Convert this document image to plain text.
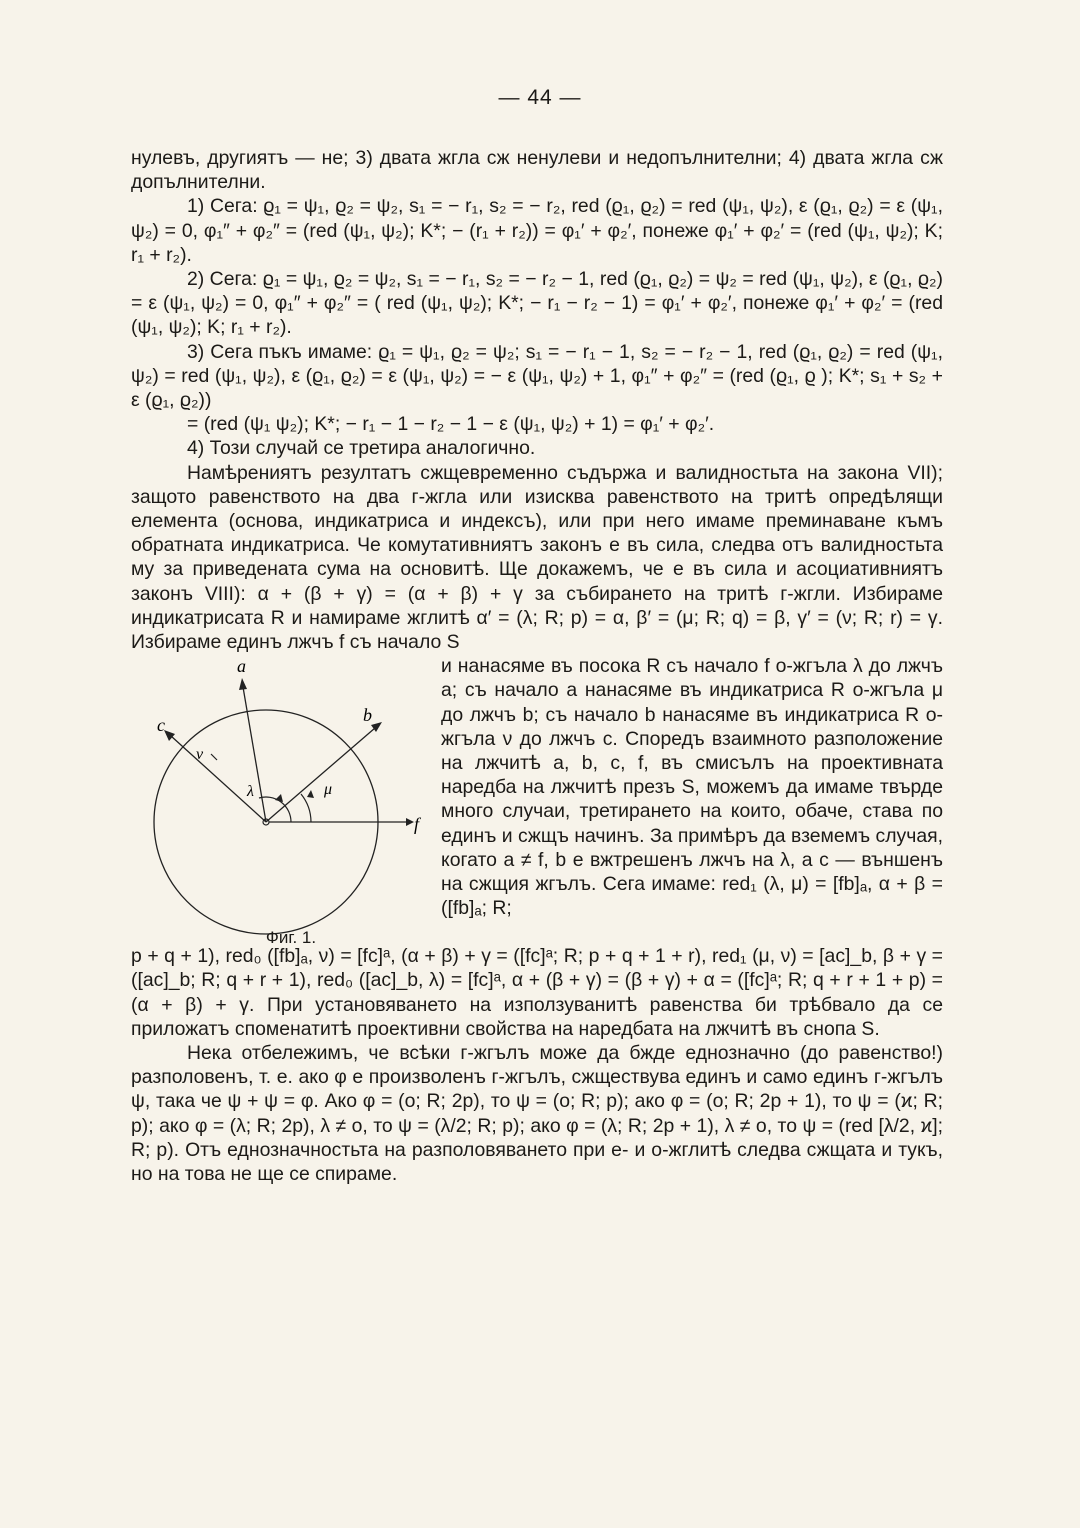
— 44 —

нулевъ, другиятъ — не; 3) двата жгла сж ненулеви и недопълнителни; 4) двата жгла сж допълнителни.

1) Сега: ϱ₁ = ψ₁, ϱ₂ = ψ₂, s₁ = − r₁, s₂ = − r₂, red (ϱ₁, ϱ₂) = red (ψ₁, ψ₂), ε (ϱ₁, ϱ₂) = ε (ψ₁, ψ₂) = 0, φ₁″ + φ₂″ = (red (ψ₁, ψ₂); K*; − (r₁ + r₂)) = φ₁′ + φ₂′, понеже φ₁′ + φ₂′ = (red (ψ₁, ψ₂); K; r₁ + r₂).

2) Сега: ϱ₁ = ψ₁, ϱ₂ = ψ₂, s₁ = − r₁, s₂ = − r₂ − 1, red (ϱ₁, ϱ₂) = ψ₂ = red (ψ₁, ψ₂), ε (ϱ₁, ϱ₂) = ε (ψ₁, ψ₂) = 0, φ₁″ + φ₂″ = ( red (ψ₁, ψ₂); K*; − r₁ − r₂ − 1) = φ₁′ + φ₂′, понеже φ₁′ + φ₂′ = (red (ψ₁, ψ₂); K; r₁ + r₂).

3) Сега пъкъ имаме: ϱ₁ = ψ₁, ϱ₂ = ψ₂; s₁ = − r₁ − 1, s₂ = − r₂ − 1, red (ϱ₁, ϱ₂) = red (ψ₁, ψ₂) = red (ψ₁, ψ₂), ε (ϱ₁, ϱ₂) = ε (ψ₁, ψ₂) = − ε (ψ₁, ψ₂) + 1, φ₁″ + φ₂″ = (red (ϱ₁, ϱ ); K*; s₁ + s₂ + ε (ϱ₁, ϱ₂))

= (red (ψ₁ ψ₂); K*; − r₁ − 1 − r₂ − 1 − ε (ψ₁, ψ₂) + 1) = φ₁′ + φ₂′.

4) Този случай се третира аналогично.

Намѣрениятъ резултатъ сжщевременно съдържа и валидностьта на закона VII); защото равенството на два г-жгла или изисква равенството на тритѣ опредѣлящи елемента (основа, индикатриса и индексъ), или при него имаме преминаване къмъ обратната индикатриса. Че комутативниятъ законъ е въ сила, следва отъ валидностьта му за приведената сума на основитѣ. Ще докажемъ, че е въ сила и асоциативниятъ законъ VIII): α + (β + γ) = (α + β) + γ за събирането на тритѣ г-жгли. Избираме индикатрисата R и намираме жглитѣ α′ = (λ; R; p) = α, β′ = (μ; R; q) = β, γ′ = (ν; R; r) = γ. Избираме единъ лжчъ f съ начало S

a
b
c
f
λ	μ
ν
Фиг. 1.

и нанасяме въ посока R съ начало f о-жгъла λ до лжчъ a; съ начало a нанасяме въ индикатриса R о-жгъла μ до лжчъ b; съ начало b нанасяме въ индикатриса R о-жгъла ν до лжчъ c. Споредъ взаимното разположение на лжчитѣ a, b, c, f, въ смисълъ на проективната наредба на лжчитѣ презъ S, можемъ да имаме твърде много случаи, третирането на които, обаче, става по единъ и сжщъ начинъ. За примѣръ да вземемъ случая, когато a ≠ f, b е вжтрешенъ лжчъ на λ, а c — външенъ на сжщия жгълъ. Сега имаме: red₁ (λ, μ) = [fb]ₐ, α + β = ([fb]ₐ; R;

p + q + 1), red₀ ([fb]ₐ, ν) = [fc]ᵃ, (α + β) + γ = ([fc]ᵃ; R; p + q + 1 + r), red₁ (μ, ν) = [ac]_b, β + γ = ([ac]_b; R; q + r + 1), red₀ ([ac]_b, λ) = [fc]ᵃ, α + (β + γ) = (β + γ) + α = ([fc]ᵃ; R; q + r + 1 + p) = (α + β) + γ. При установяването на използуванитѣ равенства би трѣбвало да се приложатъ споменатитѣ проективни свойства на наредбата на лжчитѣ въ снопа S.

Нека отбележимъ, че всѣки г-жгълъ може да бжде еднозначно (до равенство!) разполовенъ, т. е. ако φ е произволенъ г-жгълъ, сжществува единъ и само единъ г-жгълъ ψ, така че ψ + ψ = φ. Ако φ = (o; R; 2p), то ψ = (o; R; p); ако φ = (o; R; 2p + 1), то ψ = (ϰ; R; p); ако φ = (λ; R; 2p), λ ≠ o, то ψ = (λ/2; R; p); ако φ = (λ; R; 2p + 1), λ ≠ o, то ψ = (red [λ/2, ϰ]; R; p). Отъ еднозначностьта на разполовяването при е- и о-жглитѣ следва сжщата и тукъ, но на това не ще се спираме.
